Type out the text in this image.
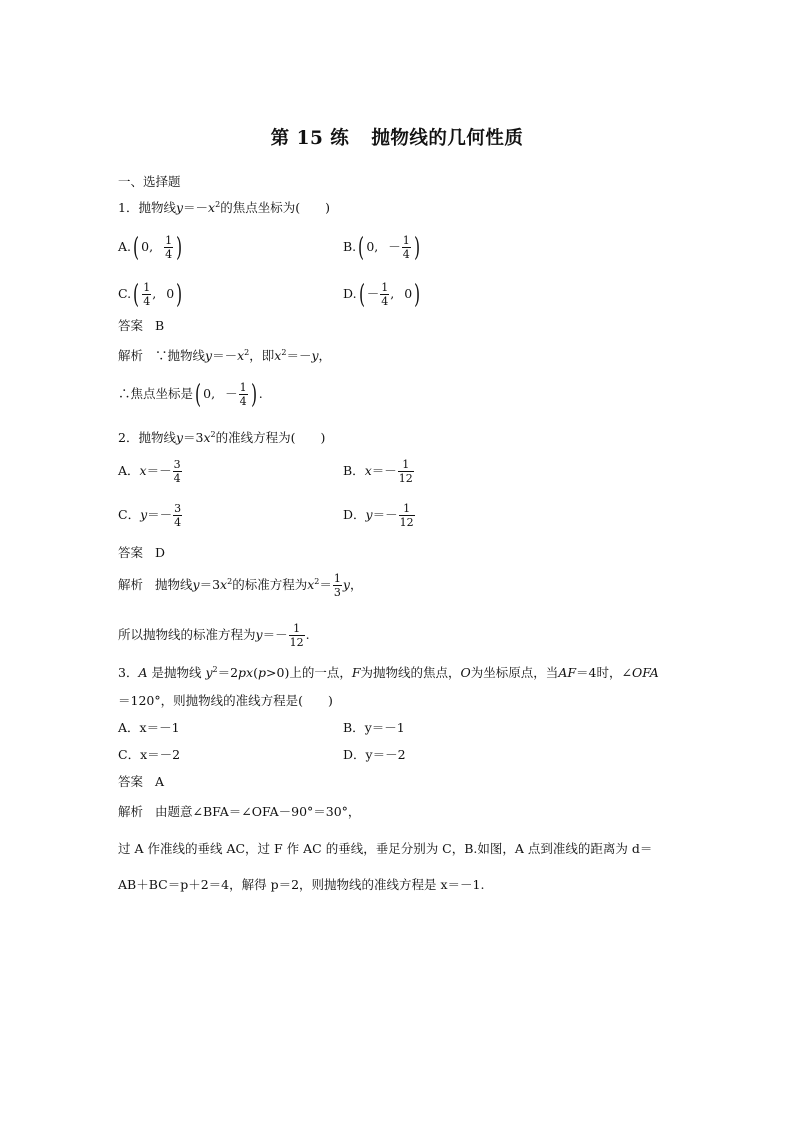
第 15 练 抛物线的几何性质
一、选择题
1．抛物线$y=-x^2$的焦点坐标为(　　)
A.( 0, $\frac{1}{4}$ )	B.( 0, － $\frac{1}{4}$ )
$C.( \frac{1}{4}$ , 0)	$D.( - \frac{1}{4}$ , 0)
答案 B
解析 ∵抛物线$y=-x^2$，即$x^2=-y$，
∴焦点坐标是( 0, － $\frac{1}{4}$ ) .
2．抛物线$y=3x^2$的准线方程为(　　)
A．$x=- \frac{3}{4}$	B．$x=- \frac{1}{12}$
C．$y=- \frac{3}{4}$	D．$y=- \frac{1}{12}$
答案 D
解析 抛物线$y=3x^2$的标准方程为$x^2= \frac{1}{3}$ y，
所以抛物线的标准方程为$y=- \frac{1}{12}$ .
3．A 是抛物线 $y^2=2px(p>0)$上的一点，F为抛物线的焦点，O为坐标原点，当AF＝4时，∠OFA
＝120°，则抛物线的准线方程是(　　)
A．x＝－1	B．y＝－1
C．x＝－2	D．y＝－2
答案 A
解析 由题意∠BFA＝∠OFA－90°＝30°，
过 A 作准线的垂线 AC，过 F 作 AC 的垂线，垂足分别为 C，B.如图，A 点到准线的距离为 d＝
AB＋BC＝p＋2＝4，解得 p＝2，则抛物线的准线方程是 x＝－1.
